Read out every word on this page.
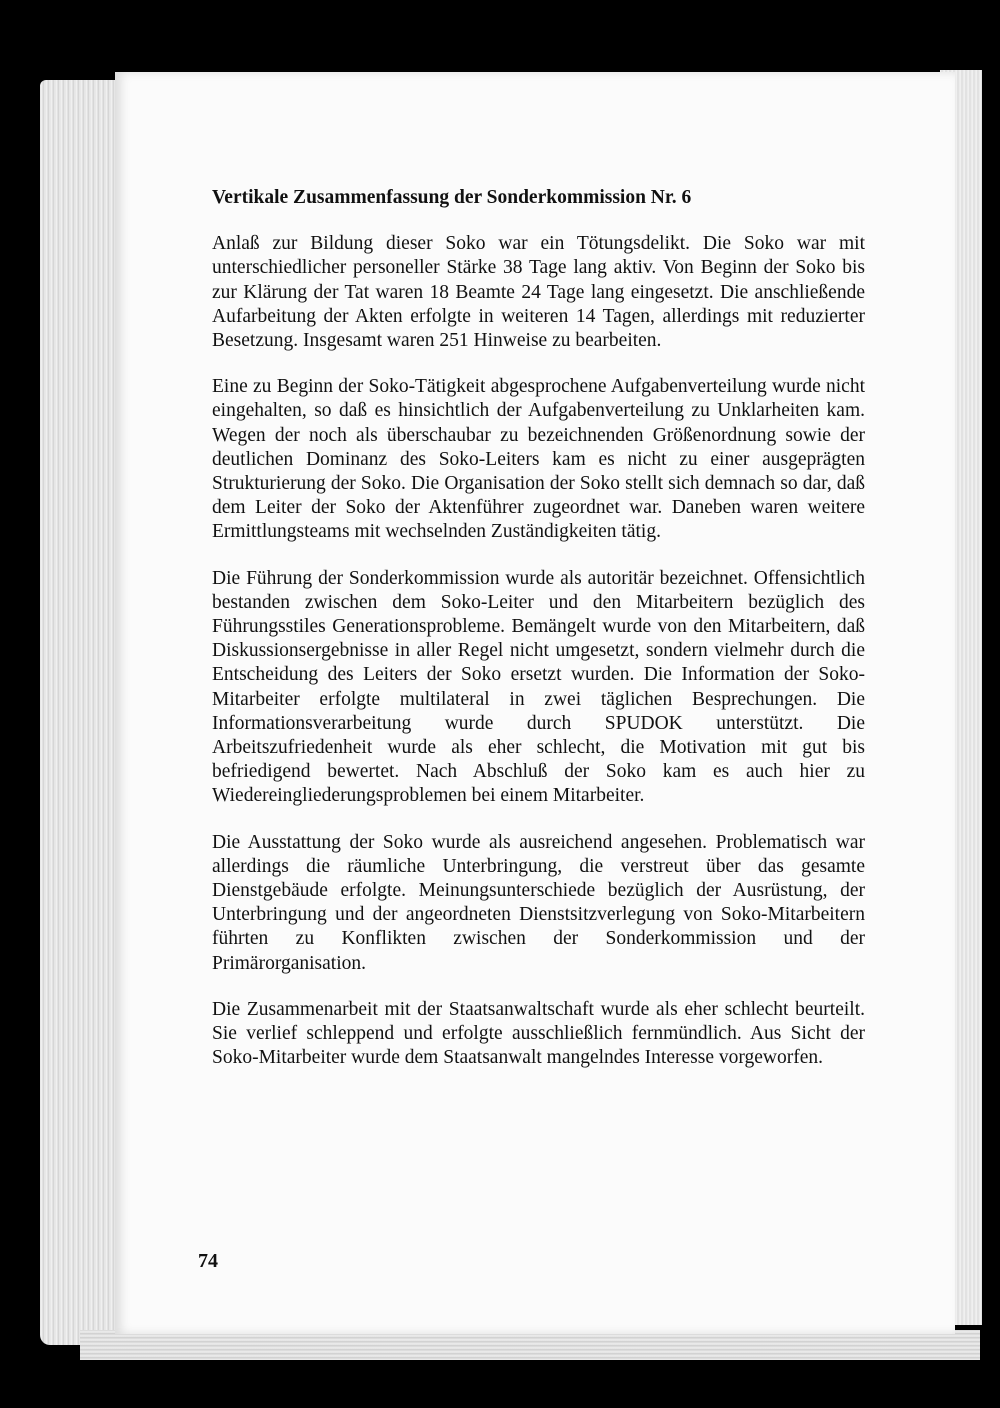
Vertikale Zusammenfassung der Sonderkommission Nr. 6

Anlaß zur Bildung dieser Soko war ein Tötungsdelikt. Die Soko war mit unterschiedlicher personeller Stärke 38 Tage lang aktiv. Von Beginn der Soko bis zur Klärung der Tat waren 18 Beamte 24 Tage lang eingesetzt. Die anschließende Aufarbeitung der Akten erfolgte in weiteren 14 Tagen, allerdings mit reduzierter Besetzung. Insgesamt waren 251 Hinweise zu bearbeiten.

Eine zu Beginn der Soko-Tätigkeit abgesprochene Aufgabenverteilung wurde nicht eingehalten, so daß es hinsichtlich der Aufgabenverteilung zu Unklarheiten kam. Wegen der noch als überschaubar zu bezeichnenden Größenordnung sowie der deutlichen Dominanz des Soko-Leiters kam es nicht zu einer ausgeprägten Strukturierung der Soko. Die Organisation der Soko stellt sich demnach so dar, daß dem Leiter der Soko der Aktenführer zugeordnet war. Daneben waren weitere Ermittlungsteams mit wechselnden Zuständigkeiten tätig.

Die Führung der Sonderkommission wurde als autoritär bezeichnet. Offensichtlich bestanden zwischen dem Soko-Leiter und den Mitarbeitern bezüglich des Führungsstiles Generationsprobleme. Bemängelt wurde von den Mitarbeitern, daß Diskussionsergebnisse in aller Regel nicht umgesetzt, sondern vielmehr durch die Entscheidung des Leiters der Soko ersetzt wurden. Die Information der Soko-Mitarbeiter erfolgte multilateral in zwei täglichen Besprechungen. Die Informationsverarbeitung wurde durch SPUDOK unterstützt. Die Arbeitszufriedenheit wurde als eher schlecht, die Motivation mit gut bis befriedigend bewertet. Nach Abschluß der Soko kam es auch hier zu Wiedereingliederungsproblemen bei einem Mitarbeiter.

Die Ausstattung der Soko wurde als ausreichend angesehen. Problematisch war allerdings die räumliche Unterbringung, die verstreut über das gesamte Dienstgebäude erfolgte. Meinungsunterschiede bezüglich der Ausrüstung, der Unterbringung und der angeordneten Dienstsitzverlegung von Soko-Mitarbeitern führten zu Konflikten zwischen der Sonderkommission und der Primärorganisation.

Die Zusammenarbeit mit der Staatsanwaltschaft wurde als eher schlecht beurteilt. Sie verlief schleppend und erfolgte ausschließlich fernmündlich. Aus Sicht der Soko-Mitarbeiter wurde dem Staatsanwalt mangelndes Interesse vorgeworfen.

74
